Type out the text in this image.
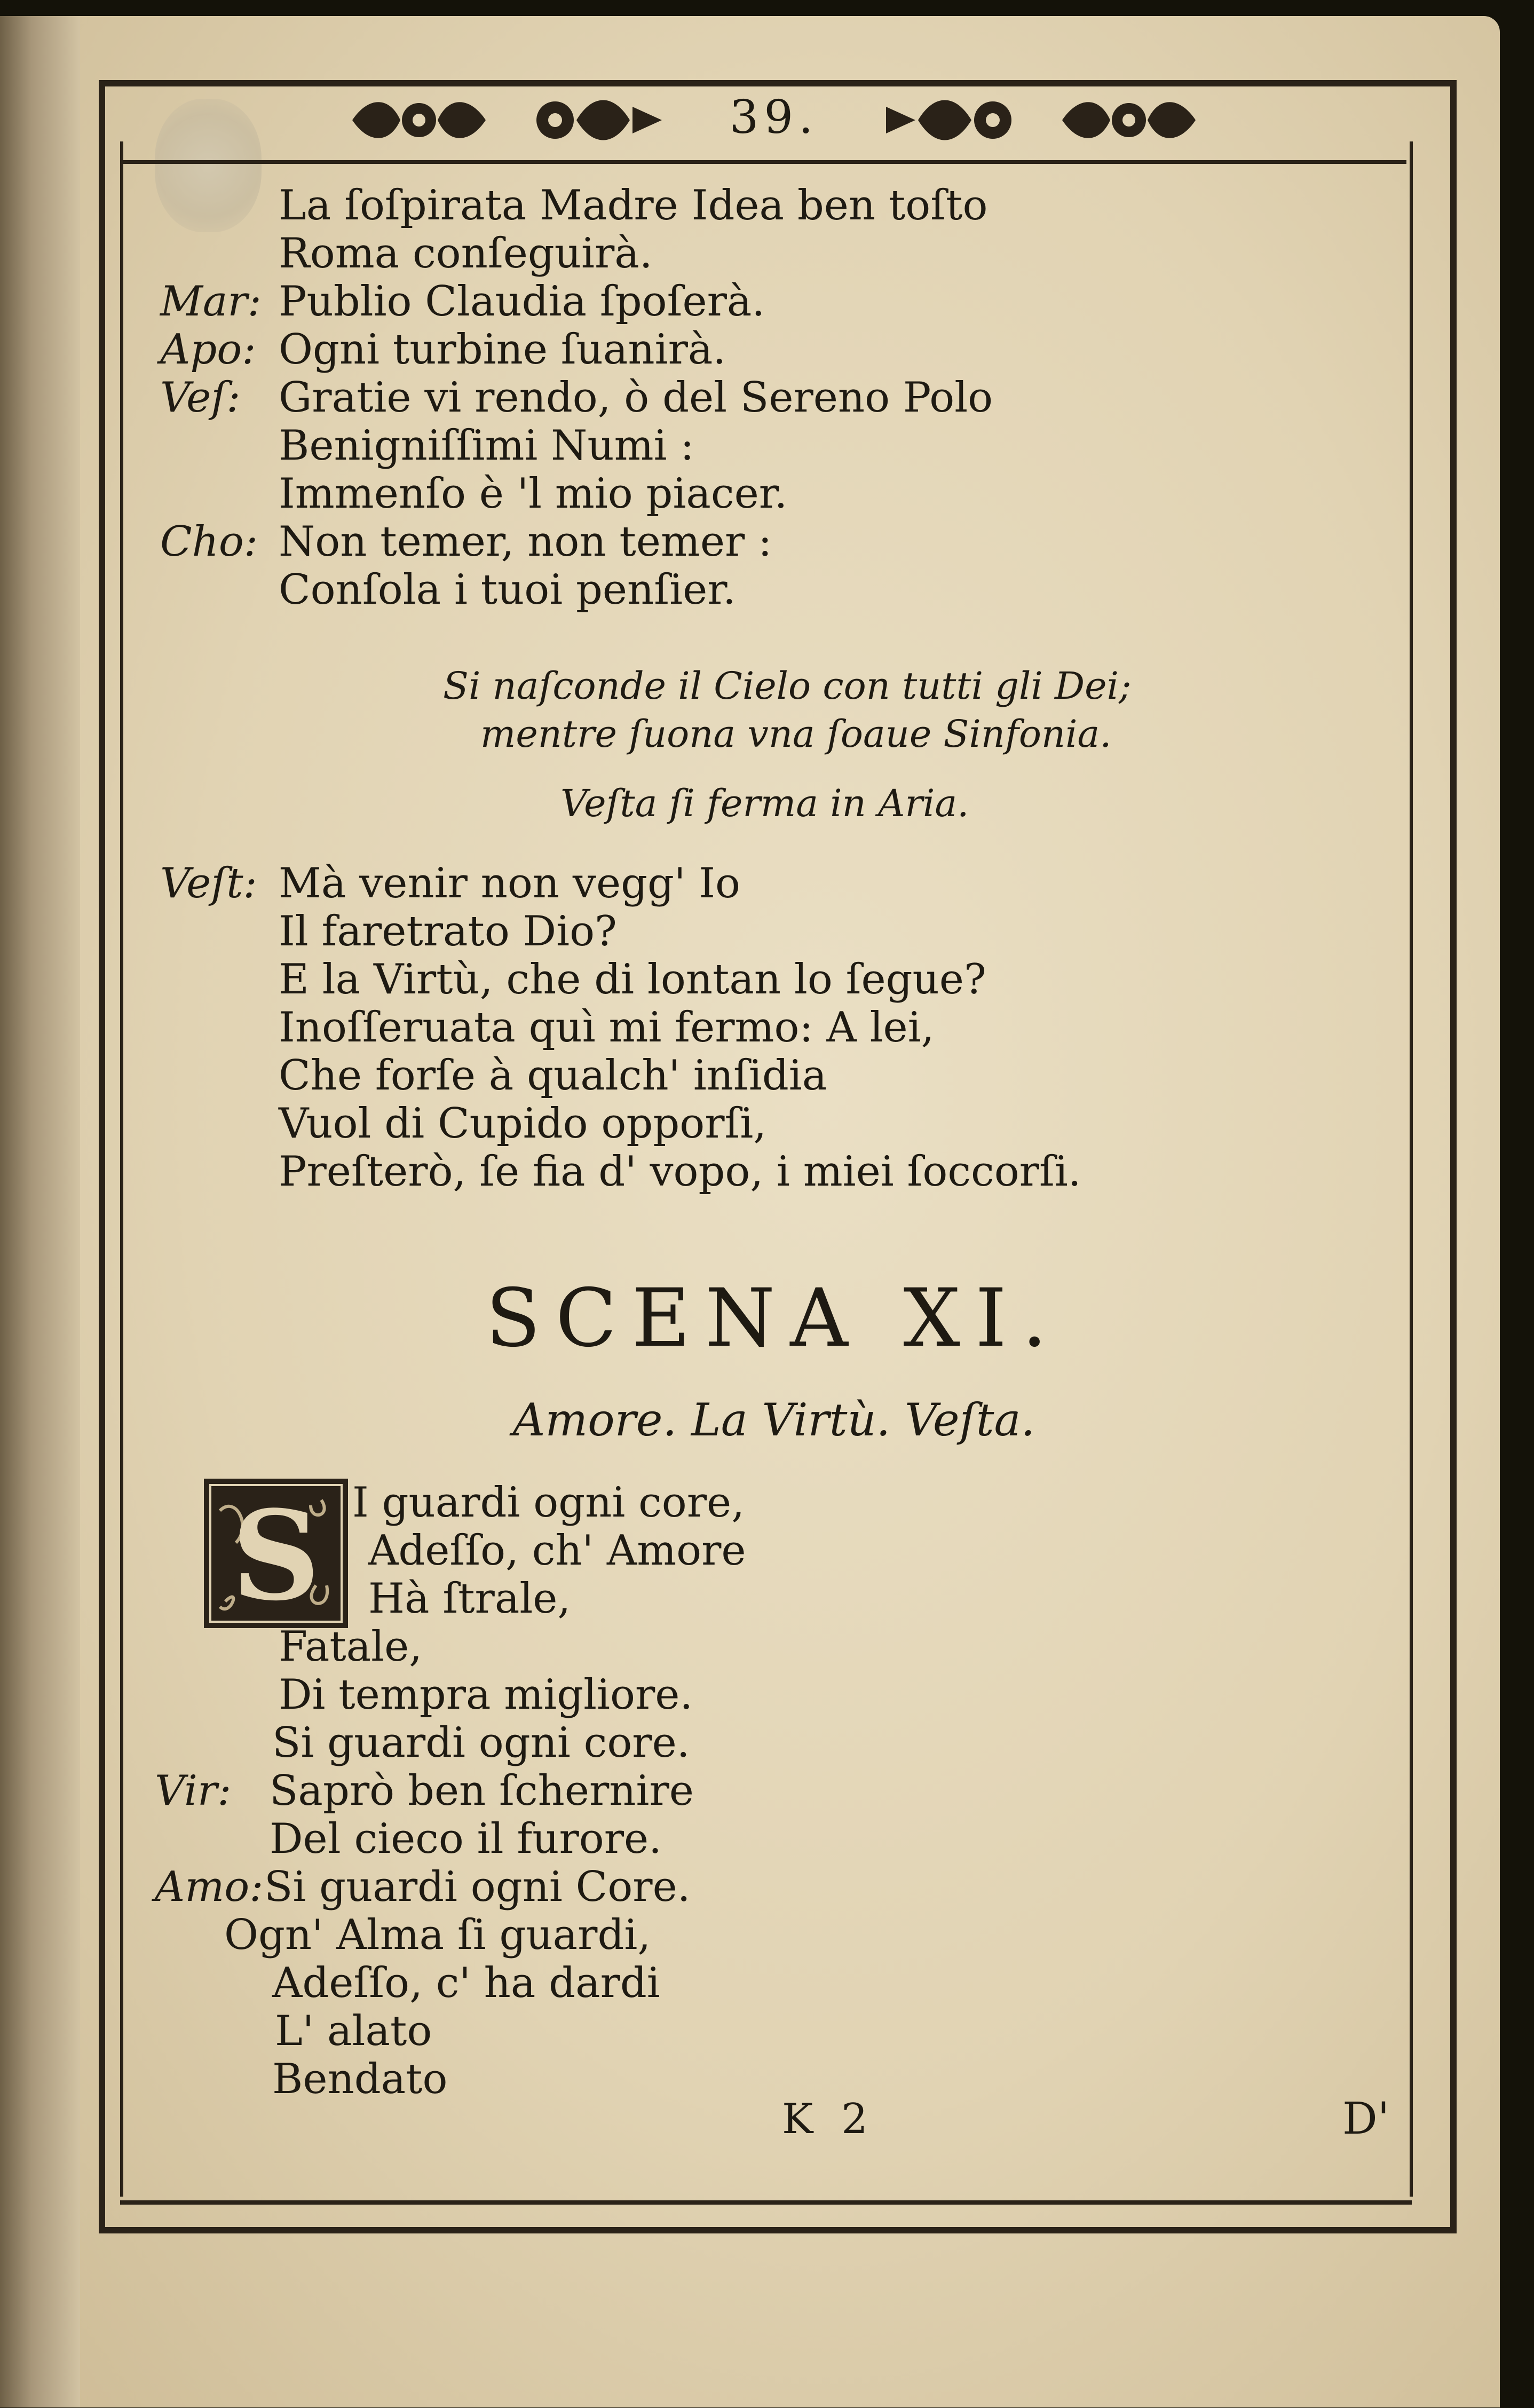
39.
La ſoſpirata Madre Idea ben toſto
Roma conſeguirà.
Mar: Publio Claudia ſpoſerà.
Apo: Ogni turbine ſuanirà.
Veſ: Gratie vi rendo, ò del Sereno Polo
Benigniſſimi Numi :
Immenſo è 'l mio piacer.
Cho: Non temer, non temer :
Conſola i tuoi penſier.
Si naſconde il Cielo con tutti gli Dei;
mentre ſuona vna ſoaue Sinfonia.
Veſta ſi ferma in Aria.
Veſt: Mà venir non vegg' Io
Il faretrato Dio?
E la Virtù, che di lontan lo ſegue?
Inoſſeruata quì mi fermo: A lei,
Che forſe à qualch' inſidia
Vuol di Cupido opporſi,
Preſterò, ſe fia d' vopo, i miei ſoccorſi.
SCENA XI.
Amore. La Virtù. Veſta.
S I guardi ogni core,
Adeſſo, ch' Amore
Hà ſtrale,
Fatale,
Di tempra migliore.
Si guardi ogni core.
Vir: Saprò ben ſchernire
Del cieco il furore.
Amo: Si guardi ogni Core.
Ogn' Alma ſi guardi,
Adeſſo, c' ha dardi
L' alato
Bendato
K 2	D'
